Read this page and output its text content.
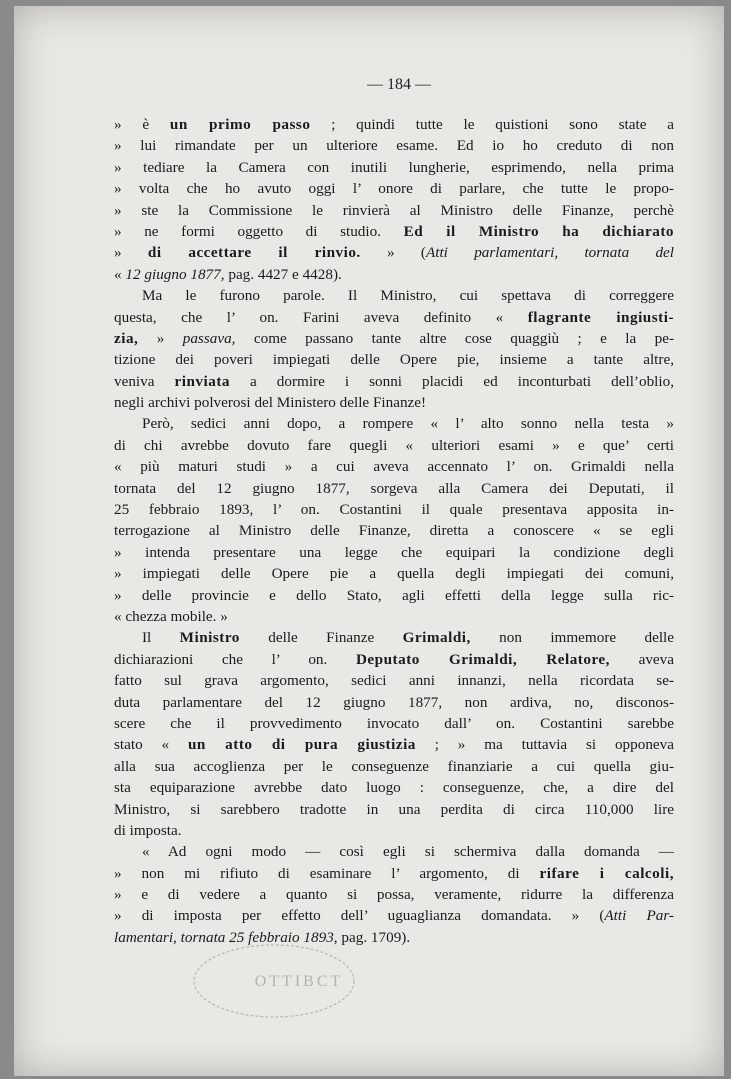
— 184 —
» è un primo passo ; quindi tutte le quistioni sono state a
» lui rimandate per un ulteriore esame. Ed io ho creduto di non
» tediare la Camera con inutili lungherie, esprimendo, nella prima
» volta che ho avuto oggi l’ onore di parlare, che tutte le propo-
» ste la Commissione le rinvierà al Ministro delle Finanze, perchè
» ne formi oggetto di studio. Ed il Ministro ha dichiarato
» di accettare il rinvio. » (Atti parlamentari, tornata del
« 12 giugno 1877, pag. 4427 e 4428).
Ma le furono parole. Il Ministro, cui spettava di correggere
questa, che l’ on. Farini aveva definito « flagrante ingiusti-
zia, » passava, come passano tante altre cose quaggiù ; e la pe-
tizione dei poveri impiegati delle Opere pie, insieme a tante altre,
veniva rinviata a dormire i sonni placidi ed inconturbati dell’oblio,
negli archivi polverosi del Ministero delle Finanze!
Però, sedici anni dopo, a rompere « l’ alto sonno nella testa »
di chi avrebbe dovuto fare quegli « ulteriori esami » e que’ certi
« più maturi studi » a cui aveva accennato l’ on. Grimaldi nella
tornata del 12 giugno 1877, sorgeva alla Camera dei Deputati, il
25 febbraio 1893, l’ on. Costantini il quale presentava apposita in-
terrogazione al Ministro delle Finanze, diretta a conoscere « se egli
» intenda presentare una legge che equipari la condizione degli
» impiegati delle Opere pie a quella degli impiegati dei comuni,
» delle provincie e dello Stato, agli effetti della legge sulla ric-
« chezza mobile. »
Il Ministro delle Finanze Grimaldi, non immemore delle
dichiarazioni che l’ on. Deputato Grimaldi, Relatore, aveva
fatto sul grava argomento, sedici anni innanzi, nella ricordata se-
duta parlamentare del 12 giugno 1877, non ardiva, no, disconos-
scere che il provvedimento invocato dall’ on. Costantini sarebbe
stato « un atto di pura giustizia ; » ma tuttavia si opponeva
alla sua accoglienza per le conseguenze finanziarie a cui quella giu-
sta equiparazione avrebbe dato luogo : conseguenze, che, a dire del
Ministro, si sarebbero tradotte in una perdita di circa 110,000 lire
di imposta.
« Ad ogni modo — così egli si schermiva dalla domanda —
» non mi rifiuto di esaminare l’ argomento, di rifare i calcoli,
» e di vedere a quanto si possa, veramente, ridurre la differenza
» di imposta per effetto dell’ uguaglianza domandata. » (Atti Par-
lamentari, tornata 25 febbraio 1893, pag. 1709).
OTTIBCT
